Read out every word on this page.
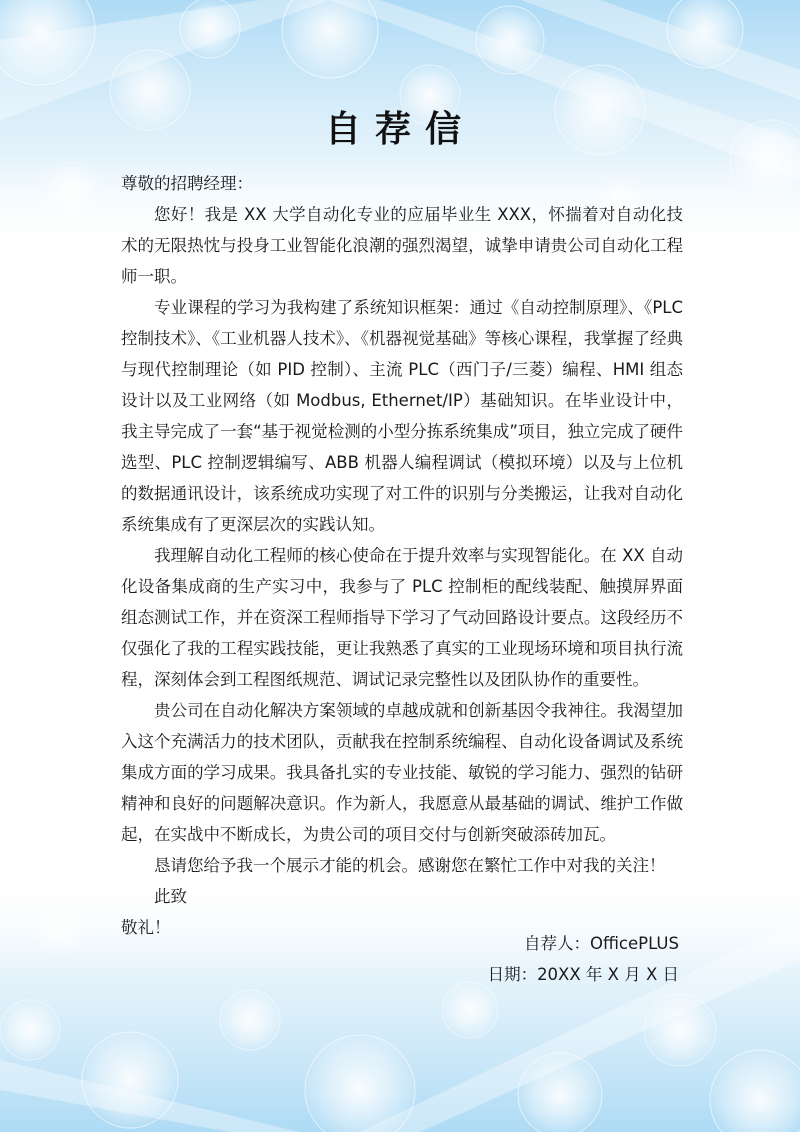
自荐信

尊敬的招聘经理：

您好！我是 XX 大学自动化专业的应届毕业生 XXX，怀揣着对自动化技术的无限热忱与投身工业智能化浪潮的强烈渴望，诚挚申请贵公司自动化工程师一职。

专业课程的学习为我构建了系统知识框架：通过《自动控制原理》、《PLC 控制技术》、《工业机器人技术》、《机器视觉基础》等核心课程，我掌握了经典与现代控制理论（如 PID 控制）、主流 PLC（西门子/三菱）编程、HMI 组态设计以及工业网络（如 Modbus, Ethernet/IP）基础知识。在毕业设计中，我主导完成了一套“基于视觉检测的小型分拣系统集成”项目，独立完成了硬件选型、PLC 控制逻辑编写、ABB 机器人编程调试（模拟环境）以及与上位机的数据通讯设计，该系统成功实现了对工件的识别与分类搬运，让我对自动化系统集成有了更深层次的实践认知。

我理解自动化工程师的核心使命在于提升效率与实现智能化。在 XX 自动化设备集成商的生产实习中，我参与了 PLC 控制柜的配线装配、触摸屏界面组态测试工作，并在资深工程师指导下学习了气动回路设计要点。这段经历不仅强化了我的工程实践技能，更让我熟悉了真实的工业现场环境和项目执行流程，深刻体会到工程图纸规范、调试记录完整性以及团队协作的重要性。

贵公司在自动化解决方案领域的卓越成就和创新基因令我神往。我渴望加入这个充满活力的技术团队，贡献我在控制系统编程、自动化设备调试及系统集成方面的学习成果。我具备扎实的专业技能、敏锐的学习能力、强烈的钻研精神和良好的问题解决意识。作为新人，我愿意从最基础的调试、维护工作做起，在实战中不断成长，为贵公司的项目交付与创新突破添砖加瓦。

恳请您给予我一个展示才能的机会。感谢您在繁忙工作中对我的关注！

此致

敬礼！

自荐人：OfficePLUS
日期：20XX 年 X 月 X 日
